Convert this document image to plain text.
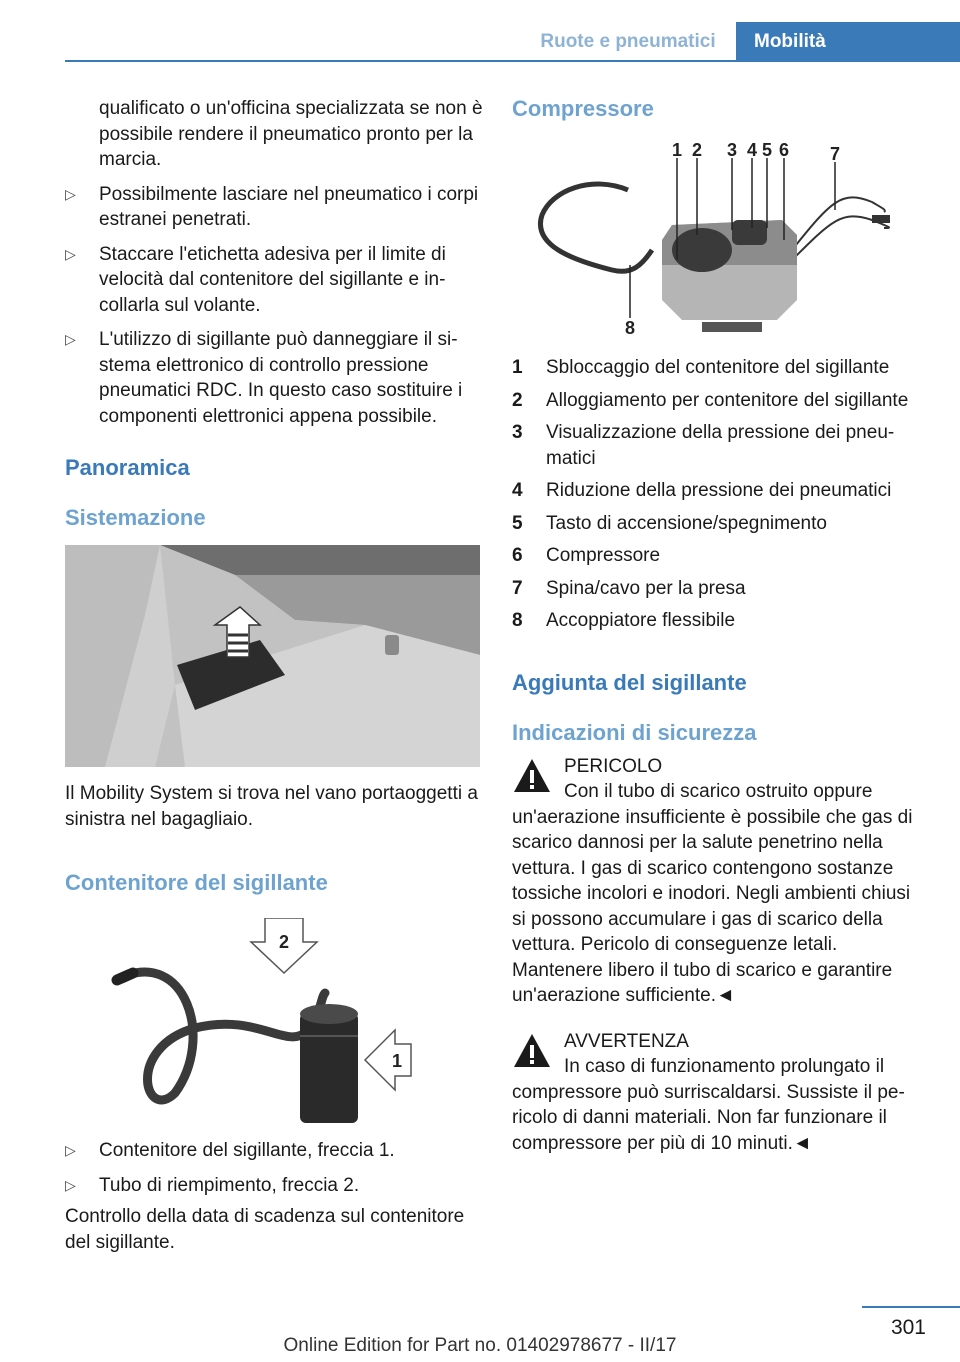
Ruote e pneumatici	Mobilità

qualificato o un'officina specializzata se non è possibile rendere il pneumatico pronto per la marcia.

▷ Possibilmente lasciare nel pneumatico i corpi estranei penetrati.
▷ Staccare l'etichetta adesiva per il limite di velocità dal contenitore del sigillante e incollarla sul volante.
▷ L'utilizzo di sigillante può danneggiare il sistema elettronico di controllo pressione pneumatici RDC. In questo caso sostituire i componenti elettronici appena possibile.
Panoramica
Sistemazione

Il Mobility System si trova nel vano portaoggetti a sinistra nel bagagliaio.

Contenitore del sigillante
2
1
▷ Contenitore del sigillante, freccia 1.
▷ Tubo di riempimento, freccia 2.

Controllo della data di scadenza sul contenitore del sigillante.

Compressore
1 2 3 4 5 6 7
8
1 Sbloccaggio del contenitore del sigillante
2 Alloggiamento per contenitore del sigillante
3 Visualizzazione della pressione dei pneumatici
4 Riduzione della pressione dei pneumatici
5 Tasto di accensione/spegnimento
6 Compressore
7 Spina/cavo per la presa
8 Accoppiatore flessibile
Aggiunta del sigillante
Indicazioni di sicurezza
PERICOLO
Con il tubo di scarico ostruito oppure

un'aerazione insufficiente è possibile che gas di scarico dannosi per la salute penetrino nella vettura. I gas di scarico contengono sostanze tossiche incolori e inodori. Negli ambienti chiusi si possono accumulare i gas di scarico della vettura. Pericolo di conseguenze letali. Mantenere libero il tubo di scarico e garantire un'aerazione sufficiente.◄

AVVERTENZA
In caso di funzionamento prolungato il

compressore può surriscaldarsi. Sussiste il pericolo di danni materiali. Non far funzionare il compressore per più di 10 minuti.◄

301
Online Edition for Part no. 01402978677 - II/17
